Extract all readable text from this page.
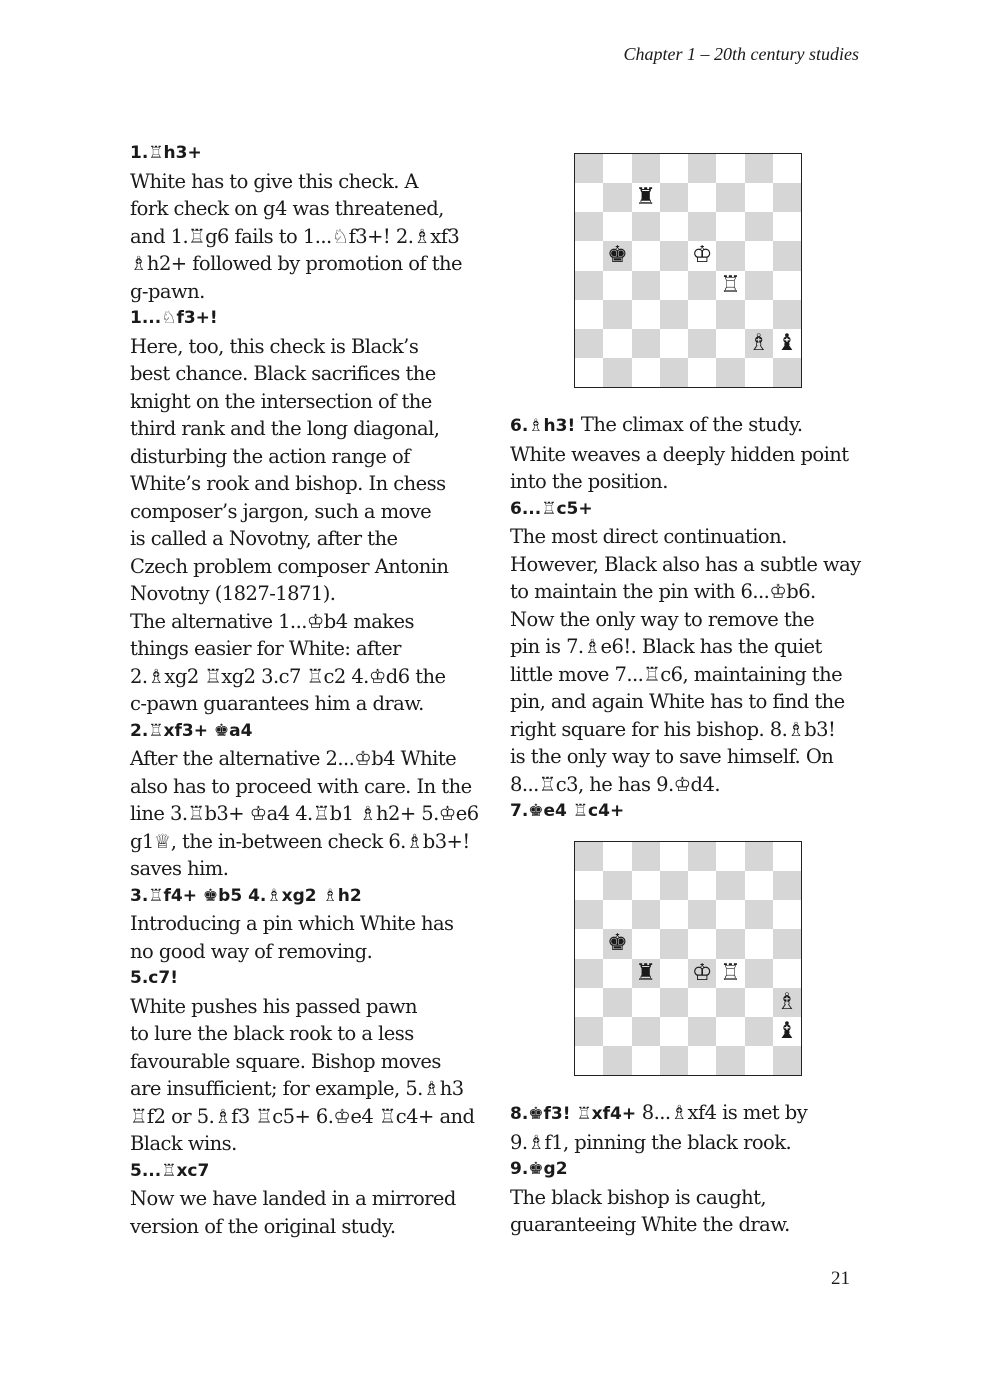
Chapter 1 – 20th century studies

1.♖h3+

White has to give this check. A

fork check on g4 was threatened,

and 1.♖g6 fails to 1...♘f3+! 2.♗xf3

♗h2+ followed by promotion of the

g-pawn.

1...♘f3+!

Here, too, this check is Black’s

best chance. Black sacrifices the

knight on the intersection of the

third rank and the long diagonal,

disturbing the action range of

White’s rook and bishop. In chess

composer’s jargon, such a move

is called a Novotny, after the

Czech problem composer Antonin

Novotny (1827-1871).

The alternative 1...♔b4 makes

things easier for White: after

2.♗xg2 ♖xg2 3.c7 ♖c2 4.♔d6 the

c-pawn guarantees him a draw.

2.♖xf3+ ♚a4

After the alternative 2...♔b4 White

also has to proceed with care. In the

line 3.♖b3+ ♔a4 4.♖b1 ♗h2+ 5.♔e6

g1♕, the in-between check 6.♗b3+!

saves him.

3.♖f4+ ♚b5 4.♗xg2 ♗h2

Introducing a pin which White has

no good way of removing.

5.c7!

White pushes his passed pawn

to lure the black rook to a less

favourable square. Bishop moves

are insufficient; for example, 5.♗h3

♖f2 or 5.♗f3 ♖c5+ 6.♔e4 ♖c4+ and

Black wins.

5...♖xc7

Now we have landed in a mirrored

version of the original study.

♜
♚	♔
♖
♗ ♝

6.♗h3! The climax of the study.

White weaves a deeply hidden point

into the position.

6...♖c5+

The most direct continuation.

However, Black also has a subtle way

to maintain the pin with 6...♔b6.

Now the only way to remove the

pin is 7.♗e6!. Black has the quiet

little move 7...♖c6, maintaining the

pin, and again White has to find the

right square for his bishop. 8.♗b3!

is the only way to save himself. On

8...♖c3, he has 9.♔d4.

7.♚e4 ♖c4+

♚
♜ ♔ ♖
♗
♝

8.♚f3! ♖xf4+ 8...♗xf4 is met by

9.♗f1, pinning the black rook.

9.♚g2

The black bishop is caught,

guaranteeing White the draw.

21
